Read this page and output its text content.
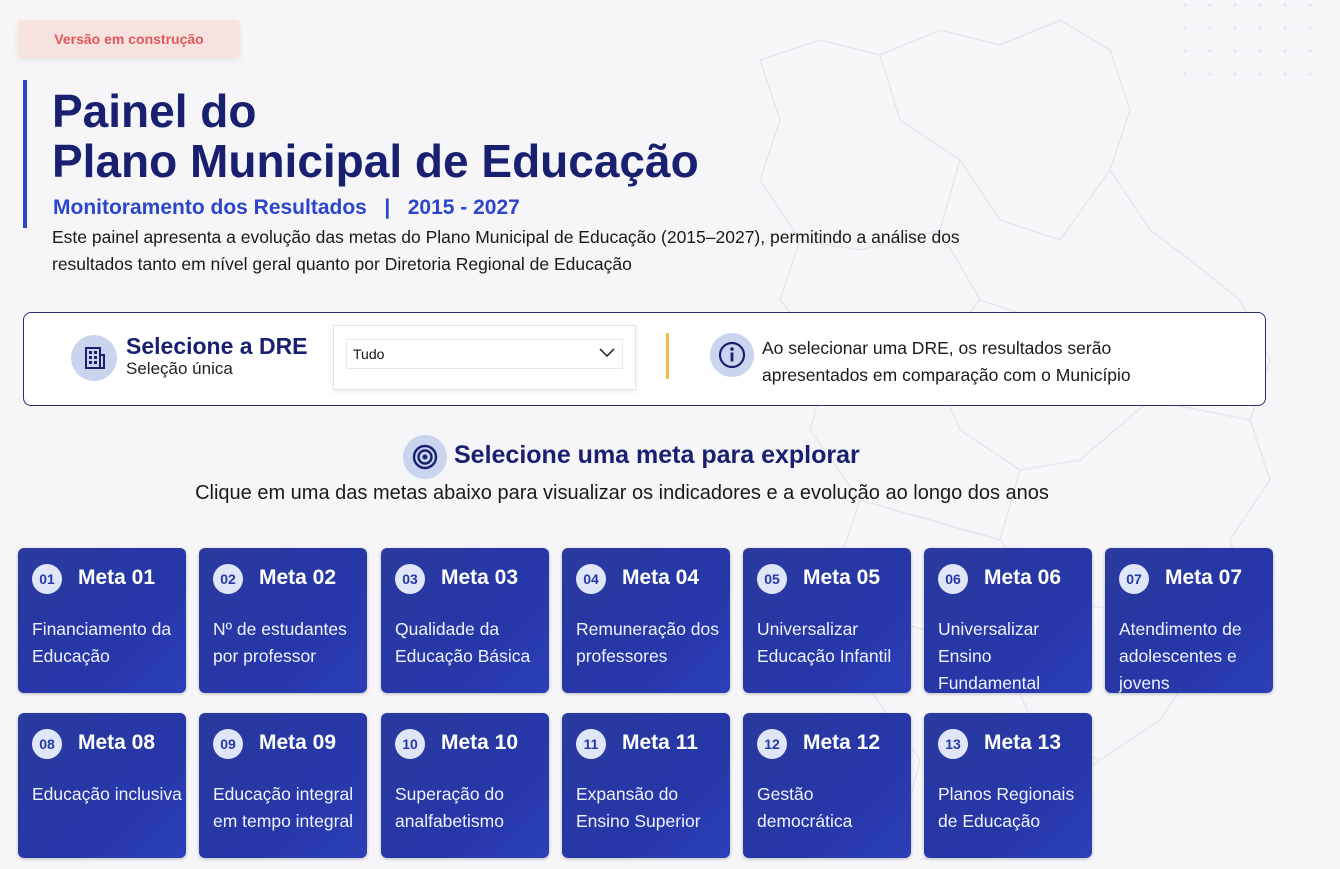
Versão em construção
Painel do
Plano Municipal de Educação
Monitoramento dos Resultados   |   2015 - 2027
Este painel apresenta a evolução das metas do Plano Municipal de Educação (2015–2027), permitindo a análise dos resultados tanto em nível geral quanto por Diretoria Regional de Educação
Selecione a DRE
Seleção única
Tudo	Ao selecionar uma DRE, os resultados serão apresentados em comparação com o Município
Selecione uma meta para explorar
Clique em uma das metas abaixo para visualizar os indicadores e a evolução ao longo dos anos
01	Meta 01
Financiamento da Educação
02	Meta 02
Nº de estudantes por professor
03	Meta 03
Qualidade da Educação Básica
04	Meta 04
Remuneração dos professores
05	Meta 05
Universalizar Educação Infantil
06	Meta 06
Universalizar Ensino Fundamental
07	Meta 07
Atendimento de adolescentes e jovens
08	Meta 08
Educação inclusiva
09	Meta 09
Educação integral em tempo integral
10	Meta 10
Superação do analfabetismo
11	Meta 11
Expansão do Ensino Superior
12	Meta 12
Gestão democrática
13	Meta 13
Planos Regionais de Educação
